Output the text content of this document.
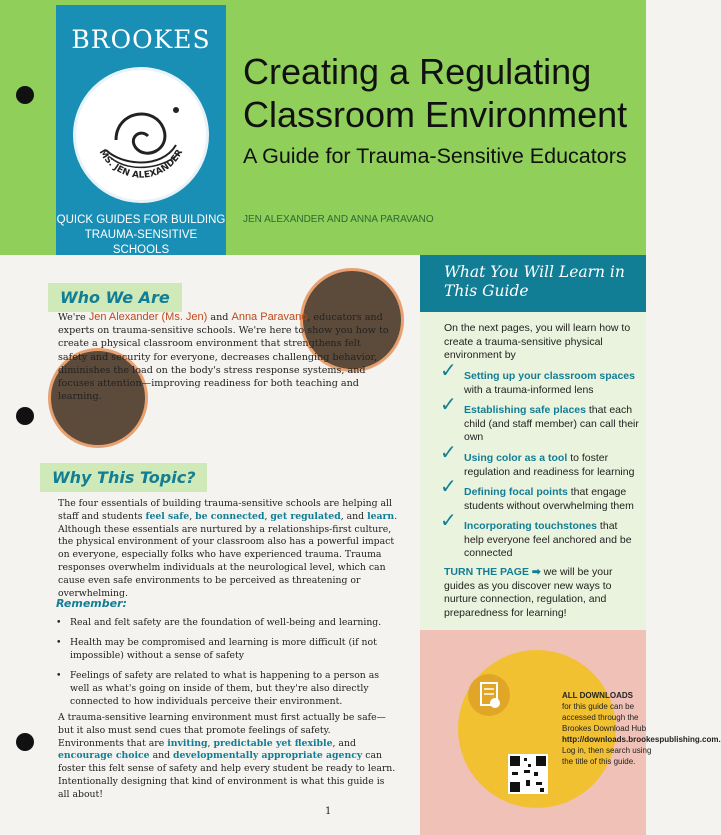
BROOKES
MS. JEN ALEXANDER
QUICK GUIDES FOR BUILDING TRAUMA-SENSITIVE SCHOOLS
Creating a Regulating Classroom Environment
A Guide for Trauma-Sensitive Educators
JEN ALEXANDER AND ANNA PARAVANO
What You Will Learn in This Guide
On the next pages, you will learn how to create a trauma-sensitive physical environment by
✓ Setting up your classroom spaces with a trauma-informed lens
✓ Establishing safe places that each child (and staff member) can call their own
✓ Using color as a tool to foster regulation and readiness for learning
✓ Defining focal points that engage students without overwhelming them
✓ Incorporating touchstones that help everyone feel anchored and be connected
TURN THE PAGE ➡ we will be your guides as you discover new ways to nurture connection, regulation, and preparedness for learning!
ALL DOWNLOADS
for this guide can be accessed through the Brookes Download Hub
http://downloads.brookespublishing.com.
Log in, then search using the title of this guide.
Who We Are
We're Jen Alexander (Ms. Jen) and Anna Paravano, educators and experts on trauma-sensitive schools. We're here to show you how to create a physical classroom environment that strengthens felt safety and security for everyone, decreases challenging behavior, diminishes the load on the body's stress response systems, and focuses attention—improving readiness for both teaching and learning.
Why This Topic?
The four essentials of building trauma-sensitive schools are helping all staff and students feel safe, be connected, get regulated, and learn. Although these essentials are nurtured by a relationships-first culture, the physical environment of your classroom also has a powerful impact on everyone, especially folks who have experienced trauma. Trauma responses overwhelm individuals at the neurological level, which can cause even safe environments to be perceived as threatening or overwhelming.
Remember:
• Real and felt safety are the foundation of well-being and learning.
• Health may be compromised and learning is more difficult (if not impossible) without a sense of safety
• Feelings of safety are related to what is happening to a person as well as what's going on inside of them, but they're also directly connected to how individuals perceive their environment.
A trauma-sensitive learning environment must first actually be safe—but it also must send cues that promote feelings of safety. Environments that are inviting, predictable yet flexible, and encourage choice and developmentally appropriate agency can foster this felt sense of safety and help every student be ready to learn. Intentionally designing that kind of environment is what this guide is all about!
1
